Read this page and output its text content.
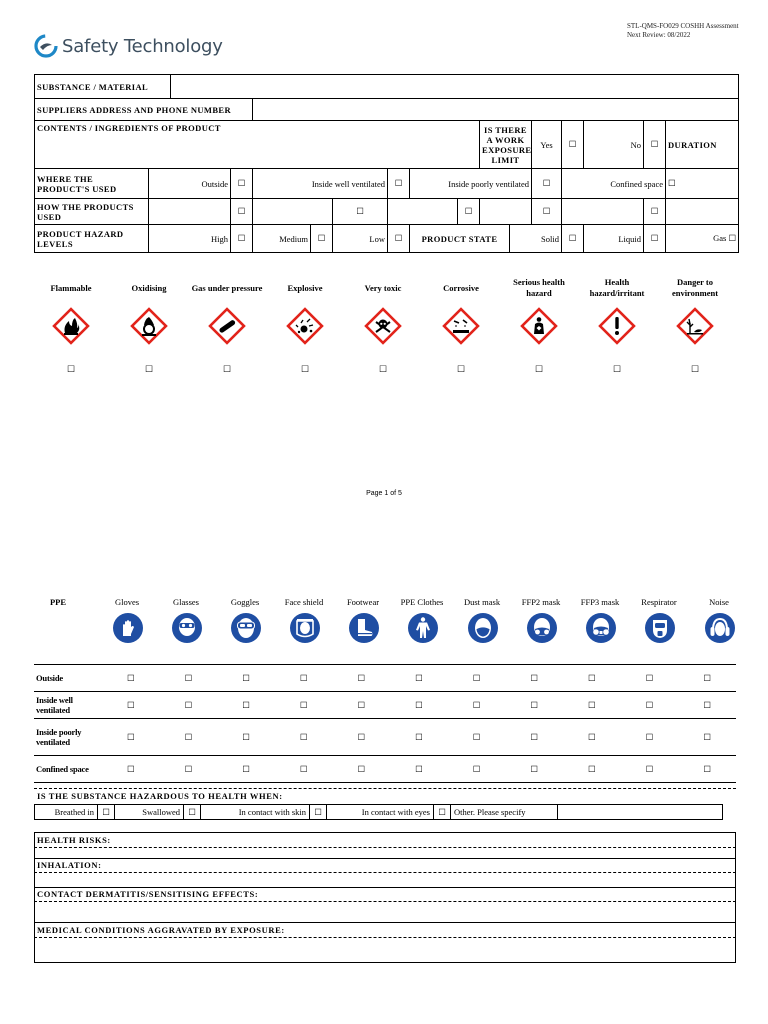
STL-QMS-FO029 COSHH Assessment
Next Review: 08/2022
Safety Technology
SUBSTANCE / MATERIAL																
SUPPLIERS ADDRESS AND PHONE NUMBER																
CONTENTS / INGREDIENTS OF PRODUCT										IS THERE A WORK EXPOSURE LIMIT		Yes	☐	No	☐	DURATION
WHERE THE PRODUCT'S USED	Outside		☐	Inside well ventilated			☐	Inside poorly ventilated				☐	Confined space			☐
HOW THE PRODUCTS USED			☐			☐			☐			☐			☐	
PRODUCT HAZARD LEVELS	High		☐	Medium	☐	Low	☐	PRODUCT STATE			Solid		☐	Liquid	☐	Gas ☐
Flammable
☐
Oxidising
☐
Gas under pressure
☐
Explosive
☐
Very toxic
☐
Corrosive
☐
Serious health hazard
☐
Health hazard/irritant
☐
Danger to environment
☐
Page 1 of 5
PPE	Gloves	Glasses	Goggles	Face shield	Footwear	PPE Clothes	Dust mask	FFP2 mask	FFP3 mask	Respirator	Noise
Outside	☐	☐	☐	☐	☐	☐	☐	☐	☐	☐	☐
Inside well ventilated	☐	☐	☐	☐	☐	☐	☐	☐	☐	☐	☐
Inside poorly ventilated	☐	☐	☐	☐	☐	☐	☐	☐	☐	☐	☐
Confined space	☐	☐	☐	☐	☐	☐	☐	☐	☐	☐	☐
IS THE SUBSTANCE HAZARDOUS TO HEALTH WHEN:
Breathed in	☐	Swallowed	☐	In contact with skin	☐	In contact with eyes	☐	Other. Please specify	
HEALTH RISKS:
INHALATION:
CONTACT DERMATITIS/SENSITISING EFFECTS:
MEDICAL CONDITIONS AGGRAVATED BY EXPOSURE:
